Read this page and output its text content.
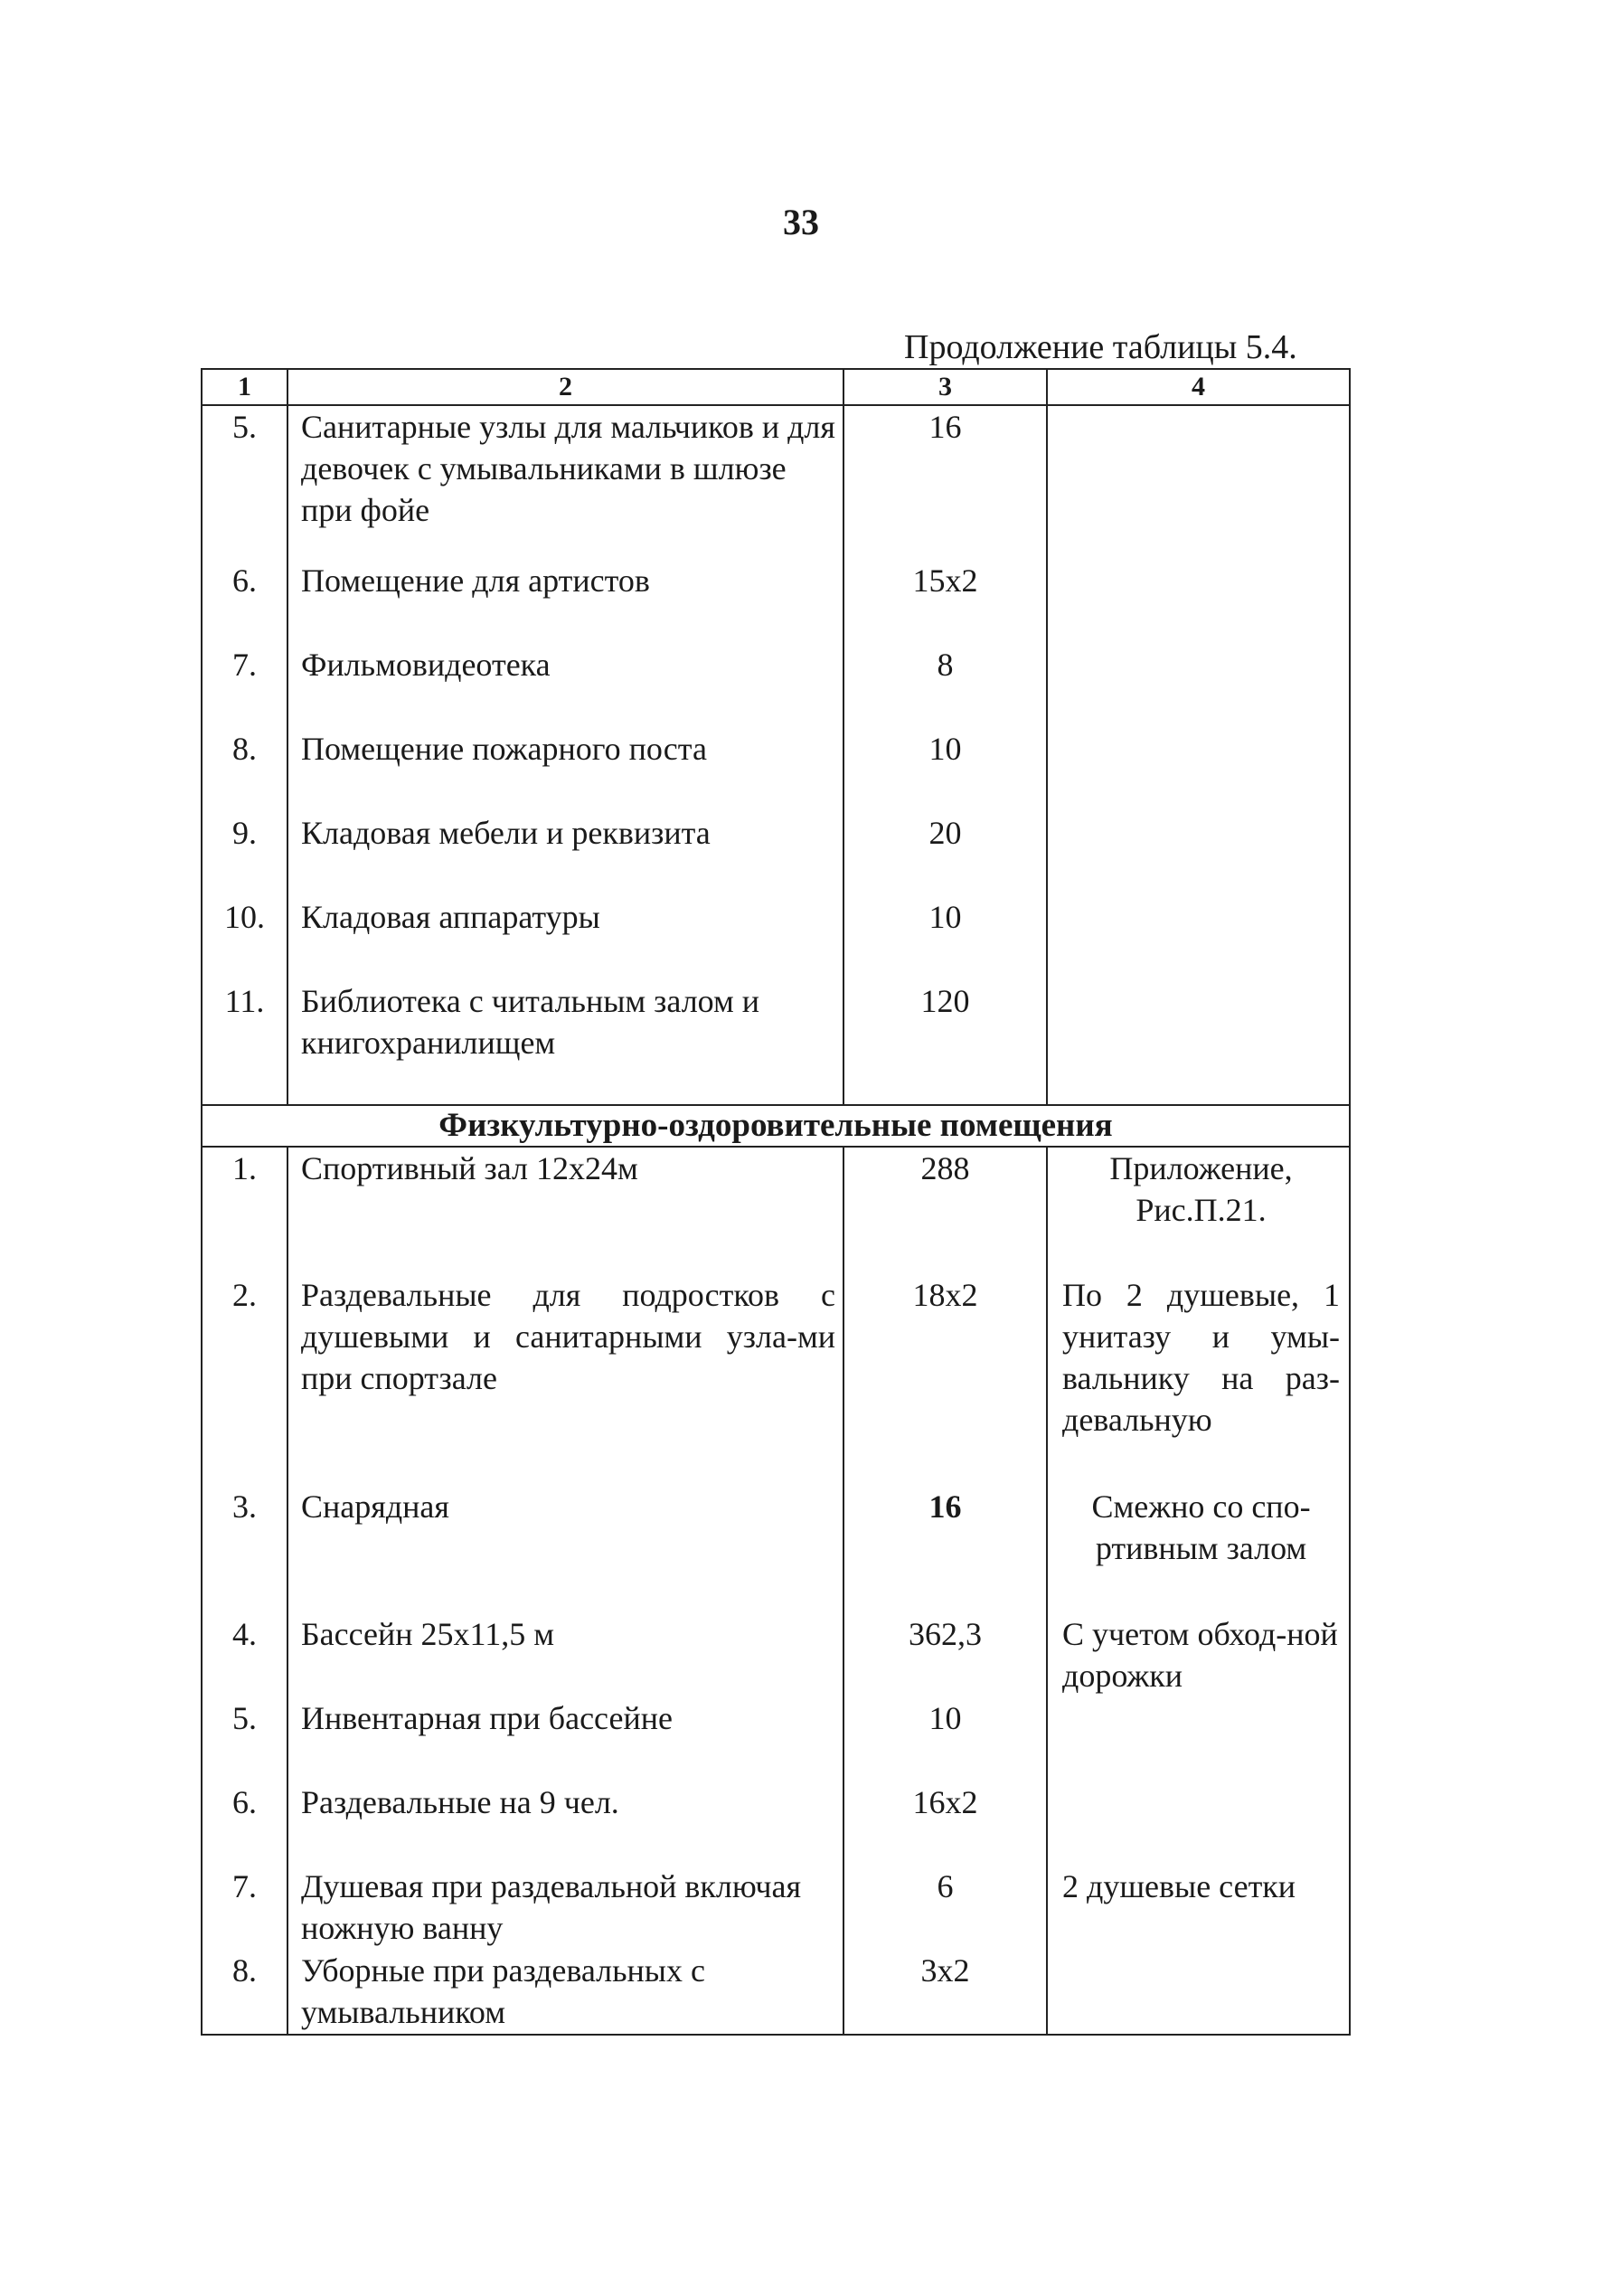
33
Продолжение таблицы 5.4.
1	2	3	4
5.	Санитарные узлы для мальчиков и для девочек с умывальниками в шлюзе при фойе	16	
6.	Помещение для артистов	15x2	
7.	Фильмовидеотека	8	
8.	Помещение пожарного поста	10	
9.	Кладовая мебели и реквизита	20	
10.	Кладовая аппаратуры	10	
11.	Библиотека с читальным залом и книгохранилищем	120	
Физкультурно-оздоровительные помещения			
1.	Спортивный зал 12x24м	288	Приложение, Рис.П.21.
2.	Раздевальные для подростков с душевыми и санитарными узла-ми при спортзале	18x2	По 2 душевые, 1 унитазу и умы-вальнику на раз-девальную
3.	Снарядная	16	Смежно со спо-ртивным залом
4.	Бассейн 25x11,5 м	362,3	С учетом обход-ной дорожки
5.	Инвентарная при бассейне	10	
6.	Раздевальные на 9 чел.	16x2	
7.	Душевая при раздевальной включая ножную ванну	6	2 душевые сетки
8.	Уборные при раздевальных с умывальником	3x2	
